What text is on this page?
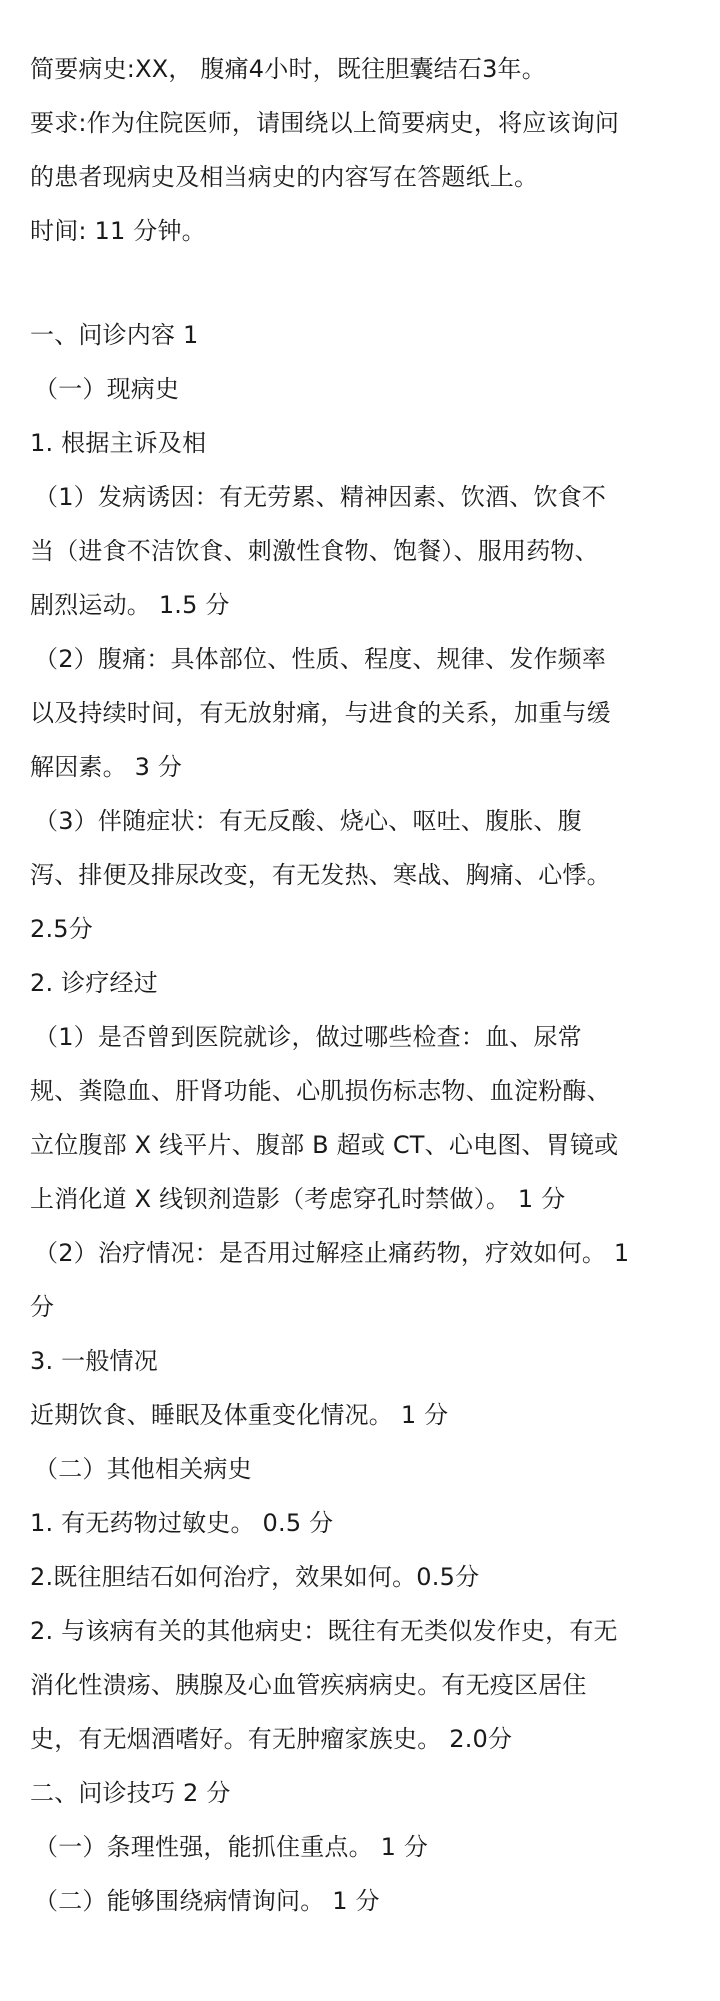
简要病史:XX， 腹痛4小时，既往胆囊结石3年。
要求:作为住院医师，请围绕以上简要病史，将应该询问
的患者现病史及相当病史的内容写在答题纸上。
时间: 11 分钟。
一、问诊内容 1
（一）现病史
1. 根据主诉及相
（1）发病诱因：有无劳累、精神因素、饮酒、饮食不
当（进食不洁饮食、刺激性食物、饱餐）、服用药物、
剧烈运动。 1.5 分
（2）腹痛：具体部位、性质、程度、规律、发作频率
以及持续时间，有无放射痛，与进食的关系，加重与缓
解因素。 3 分
（3）伴随症状：有无反酸、烧心、呕吐、腹胀、腹
泻、排便及排尿改变，有无发热、寒战、胸痛、心悸。
2.5分
2. 诊疗经过
（1）是否曾到医院就诊，做过哪些检查：血、尿常
规、粪隐血、肝肾功能、心肌损伤标志物、血淀粉酶、
立位腹部 X 线平片、腹部 B 超或 CT、心电图、胃镜或
上消化道 X 线钡剂造影（考虑穿孔时禁做）。 1 分
（2）治疗情况：是否用过解痉止痛药物，疗效如何。 1
分
3. 一般情况
近期饮食、睡眠及体重变化情况。 1 分
（二）其他相关病史
1. 有无药物过敏史。 0.5 分
2.既往胆结石如何治疗，效果如何。0.5分
2. 与该病有关的其他病史：既往有无类似发作史，有无
消化性溃疡、胰腺及心血管疾病病史。有无疫区居住
史，有无烟酒嗜好。有无肿瘤家族史。 2.0分
二、问诊技巧 2 分
（一）条理性强，能抓住重点。 1 分
（二）能够围绕病情询问。 1 分
